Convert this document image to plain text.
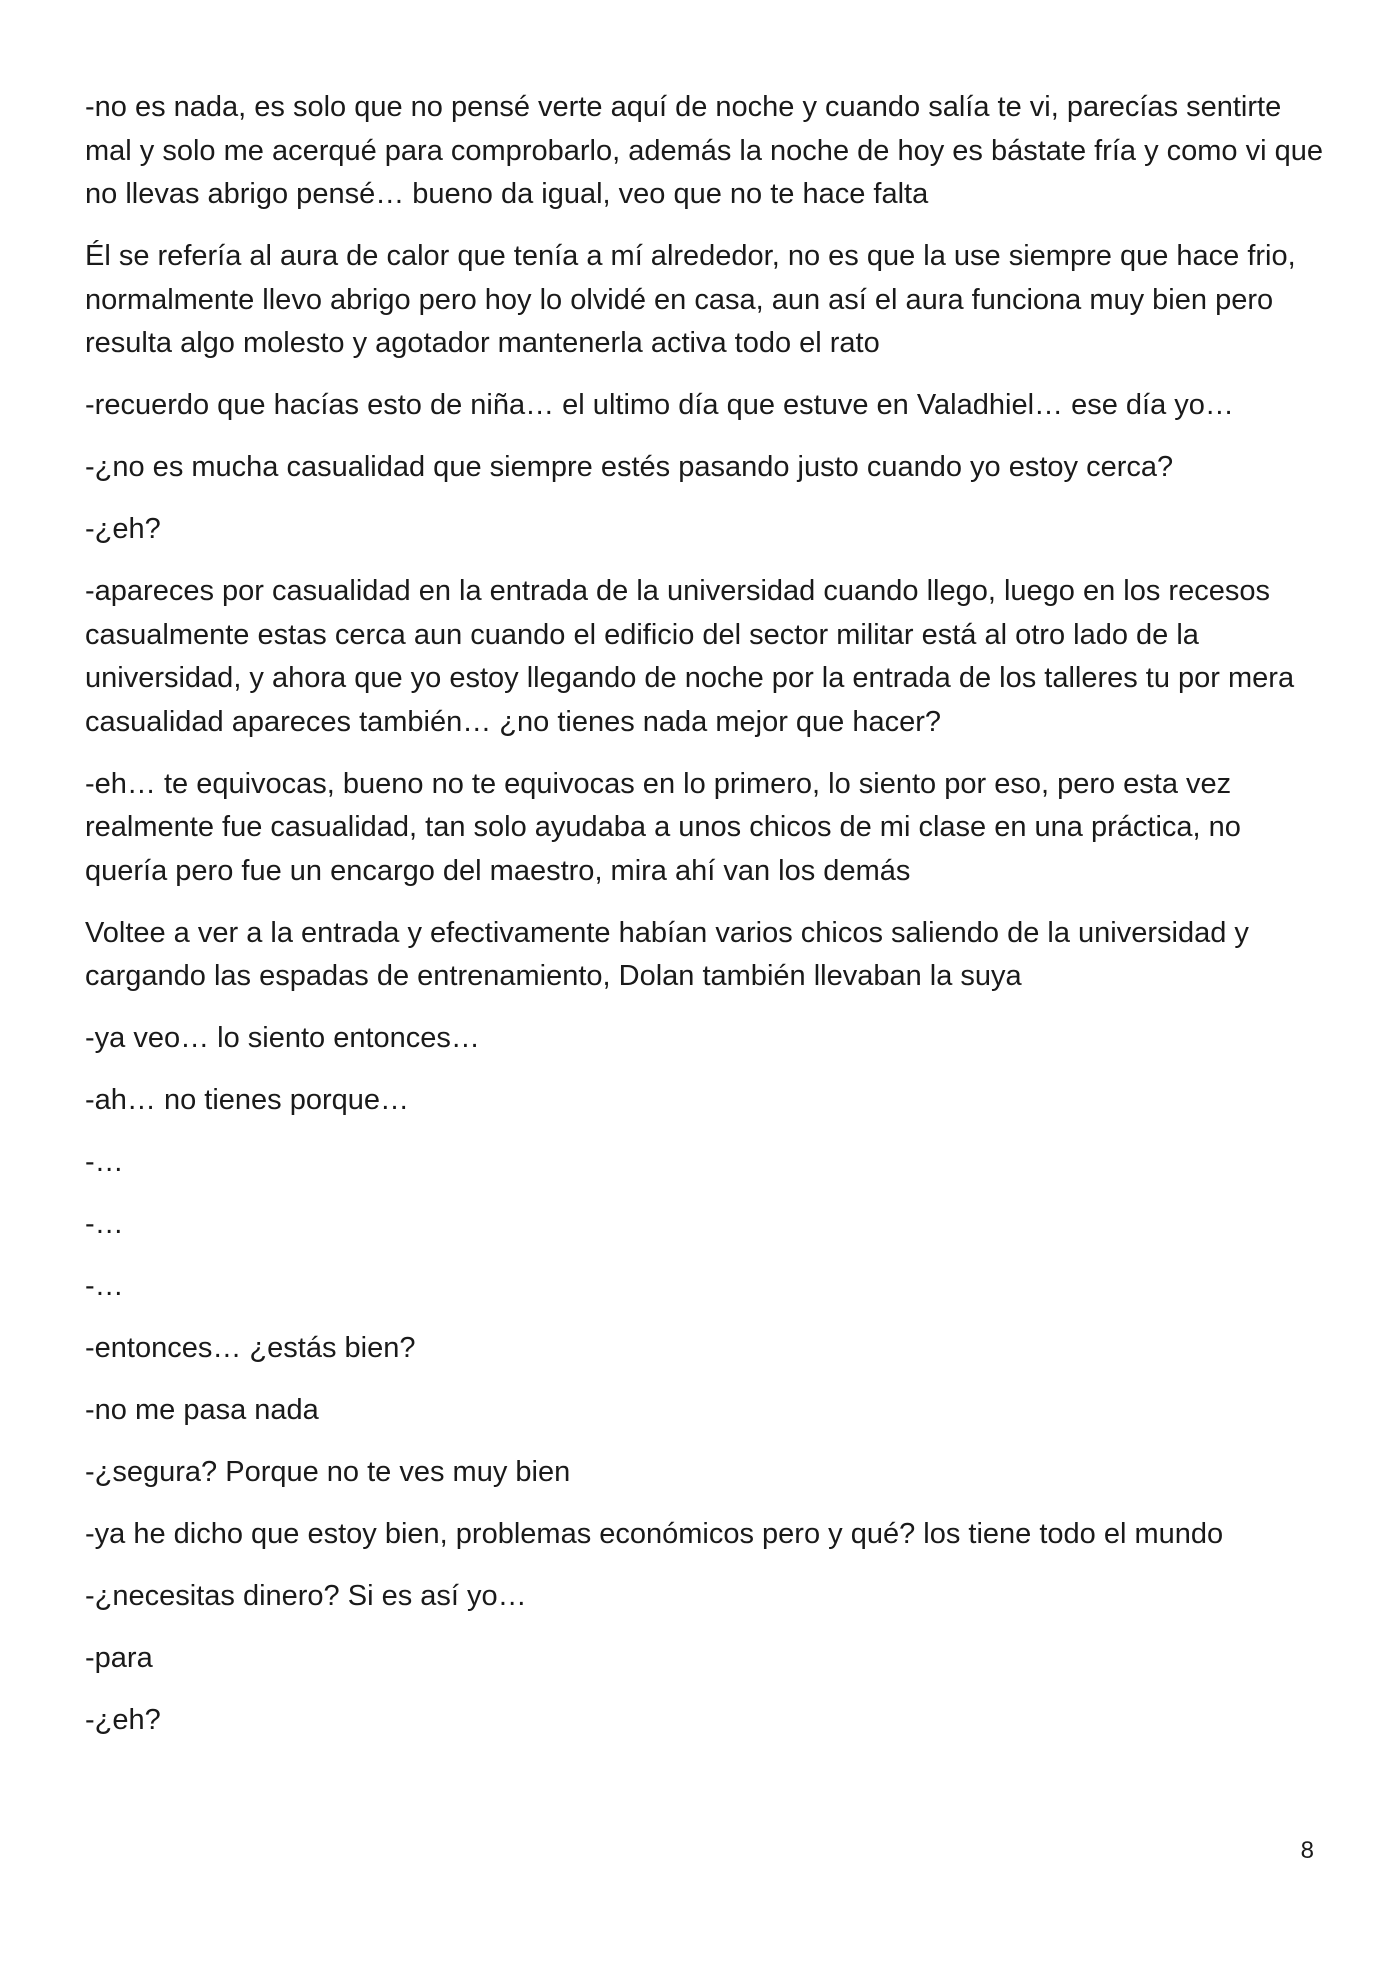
-no es nada, es solo que no pensé verte aquí de noche y cuando salía te vi, parecías sentirte mal y solo me acerqué para comprobarlo, además la noche de hoy es bástate fría y como vi que no llevas abrigo pensé… bueno da igual, veo que no te hace falta

Él se refería al aura de calor que tenía a mí alrededor, no es que la use siempre que hace frio, normalmente llevo abrigo pero hoy lo olvidé en casa, aun así el aura funciona muy bien pero resulta algo molesto y agotador mantenerla activa todo el rato

-recuerdo que hacías esto de niña… el ultimo día que estuve en Valadhiel… ese día yo…

-¿no es mucha casualidad que siempre estés pasando justo cuando yo estoy cerca?

-¿eh?

-apareces por casualidad en la entrada de la universidad cuando llego, luego en los recesos casualmente estas cerca aun cuando el edificio del sector militar está al otro lado de la universidad, y ahora que yo estoy llegando de noche por la entrada de los talleres tu por mera casualidad apareces también… ¿no tienes nada mejor que hacer?

-eh… te equivocas, bueno no te equivocas en lo primero, lo siento por eso, pero esta vez realmente fue casualidad, tan solo ayudaba a unos chicos de mi clase en una práctica, no quería pero fue un encargo del maestro, mira ahí van los demás

Voltee a ver a la entrada y efectivamente habían varios chicos saliendo de la universidad y cargando las espadas de entrenamiento, Dolan también llevaban la suya

-ya veo… lo siento entonces…

-ah… no tienes porque…

-…

-…

-…

-entonces… ¿estás bien?

-no me pasa nada

-¿segura? Porque no te ves muy bien

-ya he dicho que estoy bien, problemas económicos pero y qué? los tiene todo el mundo

-¿necesitas dinero? Si es así yo…

-para

-¿eh?

8
